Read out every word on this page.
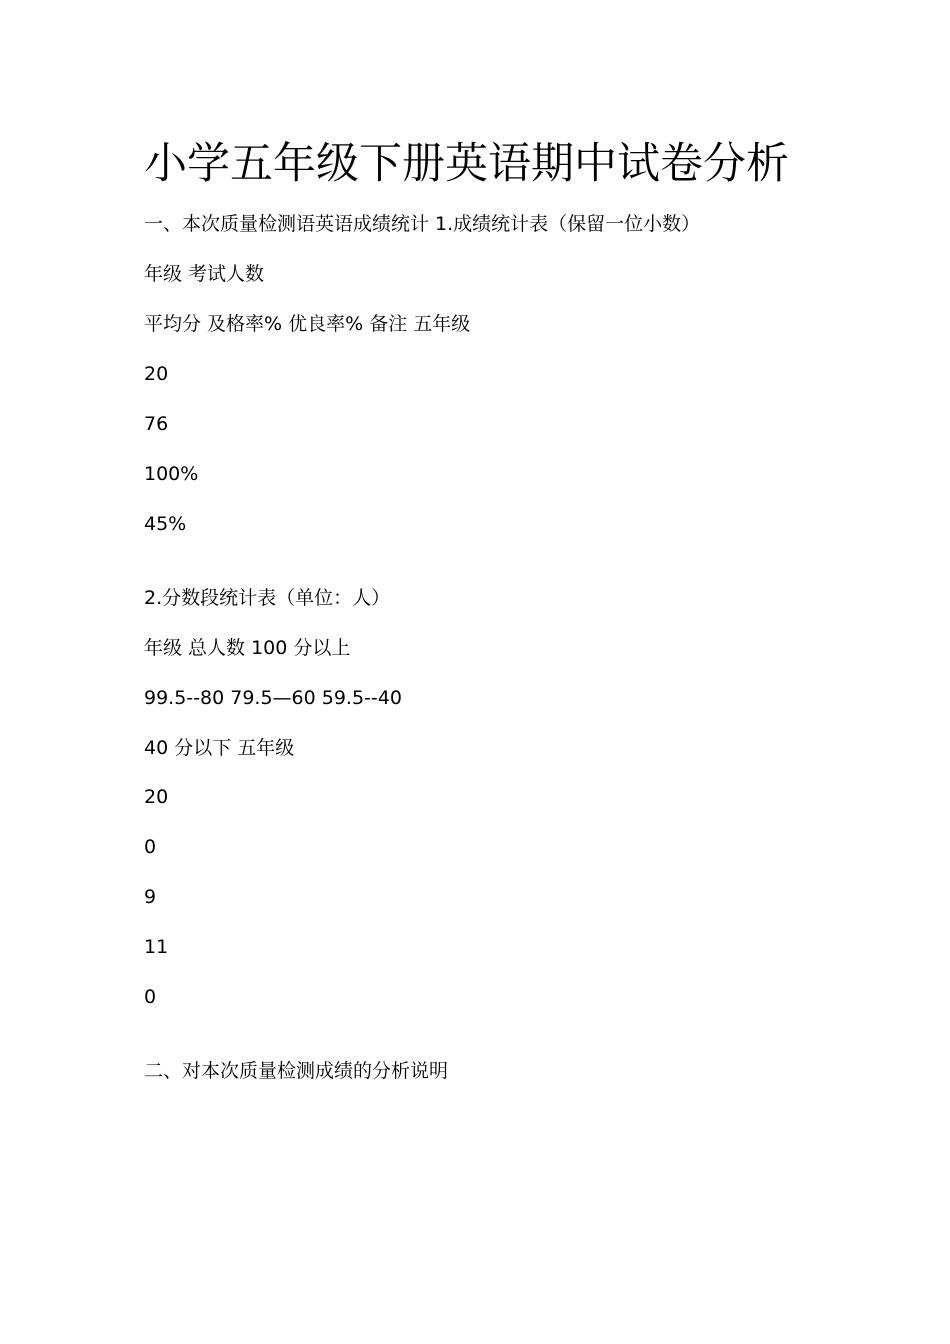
小学五年级下册英语期中试卷分析
一、本次质量检测语英语成绩统计 1.成绩统计表（保留一位小数）
年级 考试人数
平均分 及格率% 优良率% 备注 五年级
20
76
100%
45%
2.分数段统计表（单位：人）
年级 总人数 100 分以上
99.5--80 79.5—60 59.5--40
40 分以下 五年级
20
0
9
11
0
二、对本次质量检测成绩的分析说明
